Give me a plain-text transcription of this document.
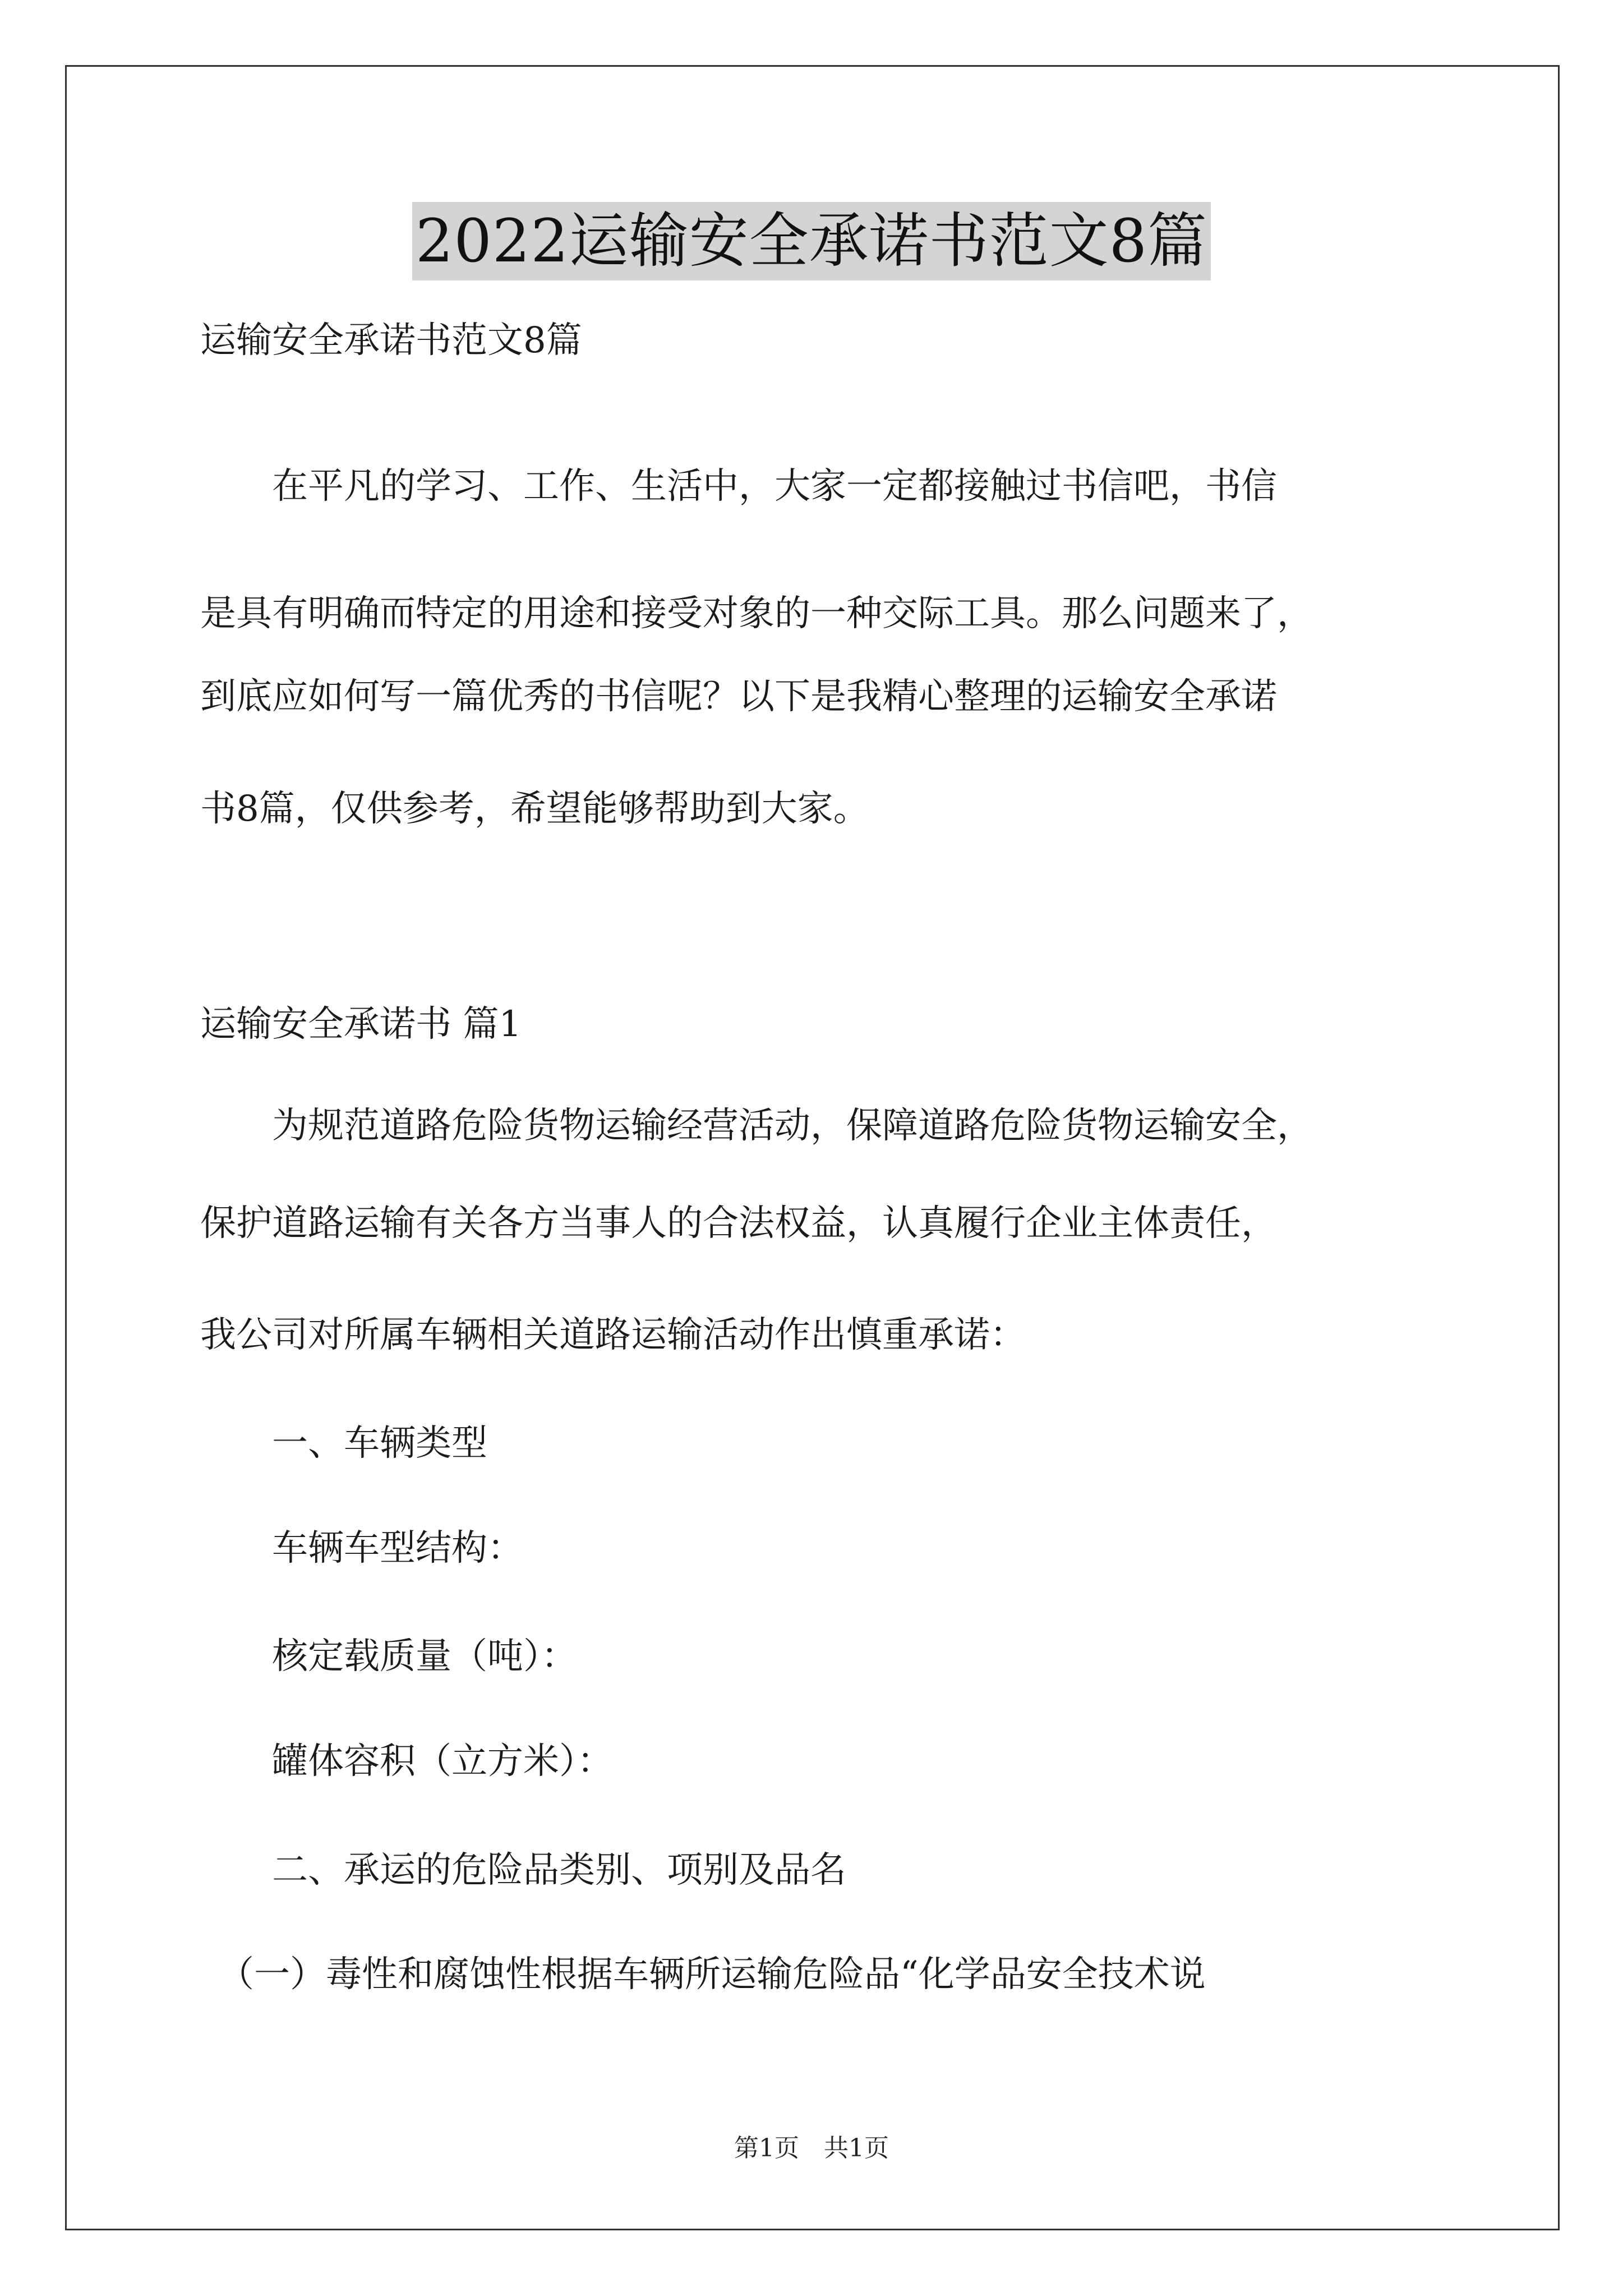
2022运输安全承诺书范文8篇
运输安全承诺书范文8篇
　　在平凡的学习、工作、生活中，大家一定都接触过书信吧，书信
是具有明确而特定的用途和接受对象的一种交际工具。那么问题来了，
到底应如何写一篇优秀的书信呢？以下是我精心整理的运输安全承诺
书8篇，仅供参考，希望能够帮助到大家。
运输安全承诺书 篇1
　　为规范道路危险货物运输经营活动，保障道路危险货物运输安全，
保护道路运输有关各方当事人的合法权益，认真履行企业主体责任，
我公司对所属车辆相关道路运输活动作出慎重承诺：
　　一、车辆类型
　　车辆车型结构：
　　核定载质量（吨）：
　　罐体容积（立方米）：
　　二、承运的危险品类别、项别及品名
　（一）毒性和腐蚀性根据车辆所运输危险品“化学品安全技术说
第1页　共1页
